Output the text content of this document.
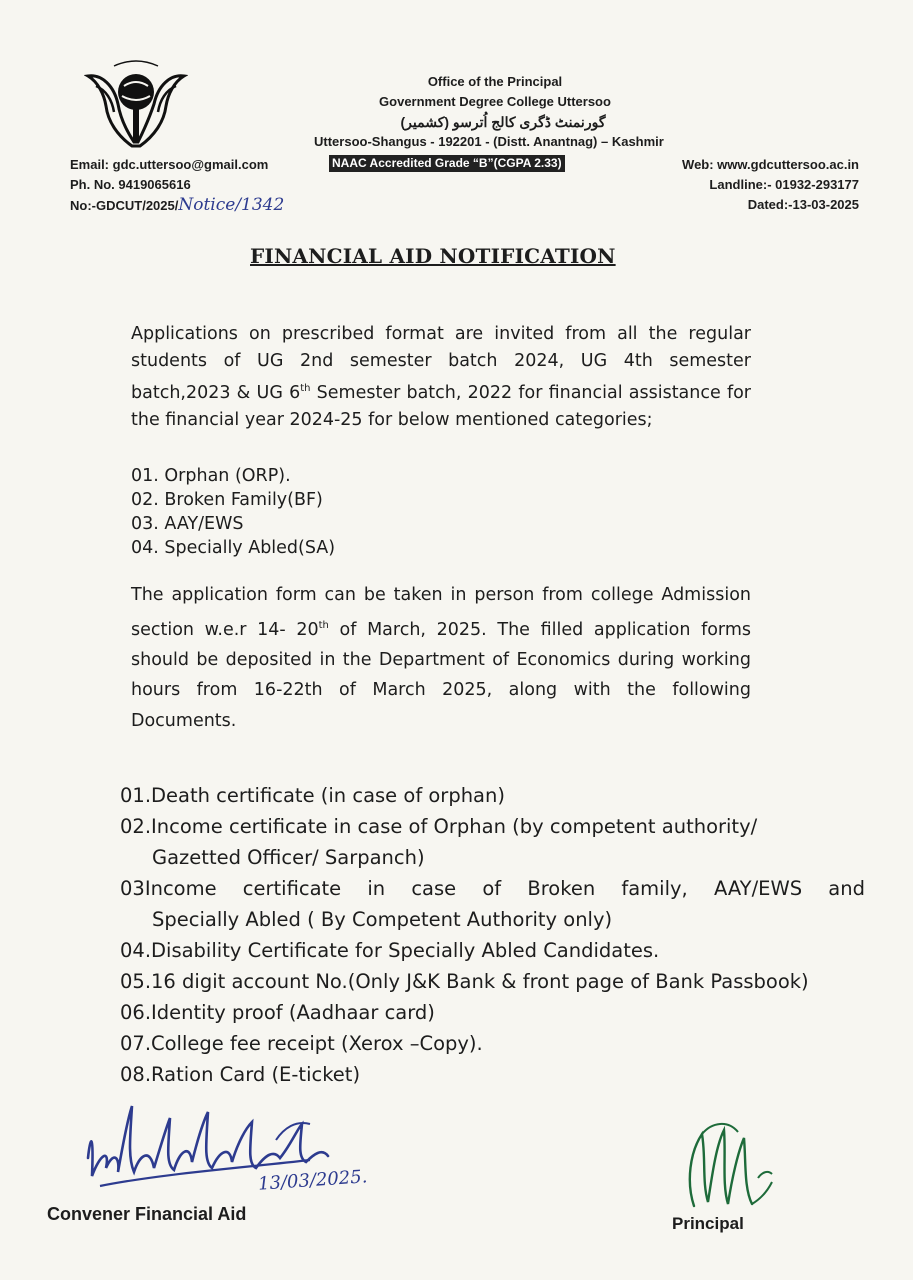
Office of the Principal
Government Degree College Uttersoo
گورنمنٹ ڈگری کالج اُترسو (کشمیر)
Uttersoo-Shangus - 192201 - (Distt. Anantnag) – Kashmir
NAAC Accredited Grade “B”(CGPA 2.33)
Email: gdc.uttersoo@gmail.com
Ph. No. 9419065616
No:-GDCUT/2025/Notice/1342
Web: www.gdcuttersoo.ac.in
Landline:- 01932-293177
Dated:-13-03-2025
FINANCIAL AID NOTIFICATION
Applications on prescribed format are invited from all the regular students of UG 2nd semester batch 2024, UG 4th semester batch,2023 & UG 6th Semester batch, 2022 for financial assistance for the financial year 2024-25 for below mentioned categories;
01. Orphan (ORP).
02. Broken Family(BF)
03. AAY/EWS
04. Specially Abled(SA)
The application form can be taken in person from college Admission section w.e.r 14- 20th of March, 2025. The filled application forms should be deposited in the Department of Economics during working hours from 16-22th of March 2025, along with the following Documents.
01. Death certificate (in case of orphan)
02. Income certificate in case of Orphan (by competent authority/
Gazetted Officer/ Sarpanch)
03 Income certificate in case of Broken family, AAY/EWS and
Specially Abled ( By Competent Authority only)
04. Disability Certificate for Specially Abled Candidates.
05. 16 digit account No.(Only J&K Bank & front page of Bank Passbook)
06. Identity proof (Aadhaar card)
07. College fee receipt (Xerox –Copy).
08. Ration Card (E-ticket)
13/03/2025.
Convener Financial Aid	Principal
